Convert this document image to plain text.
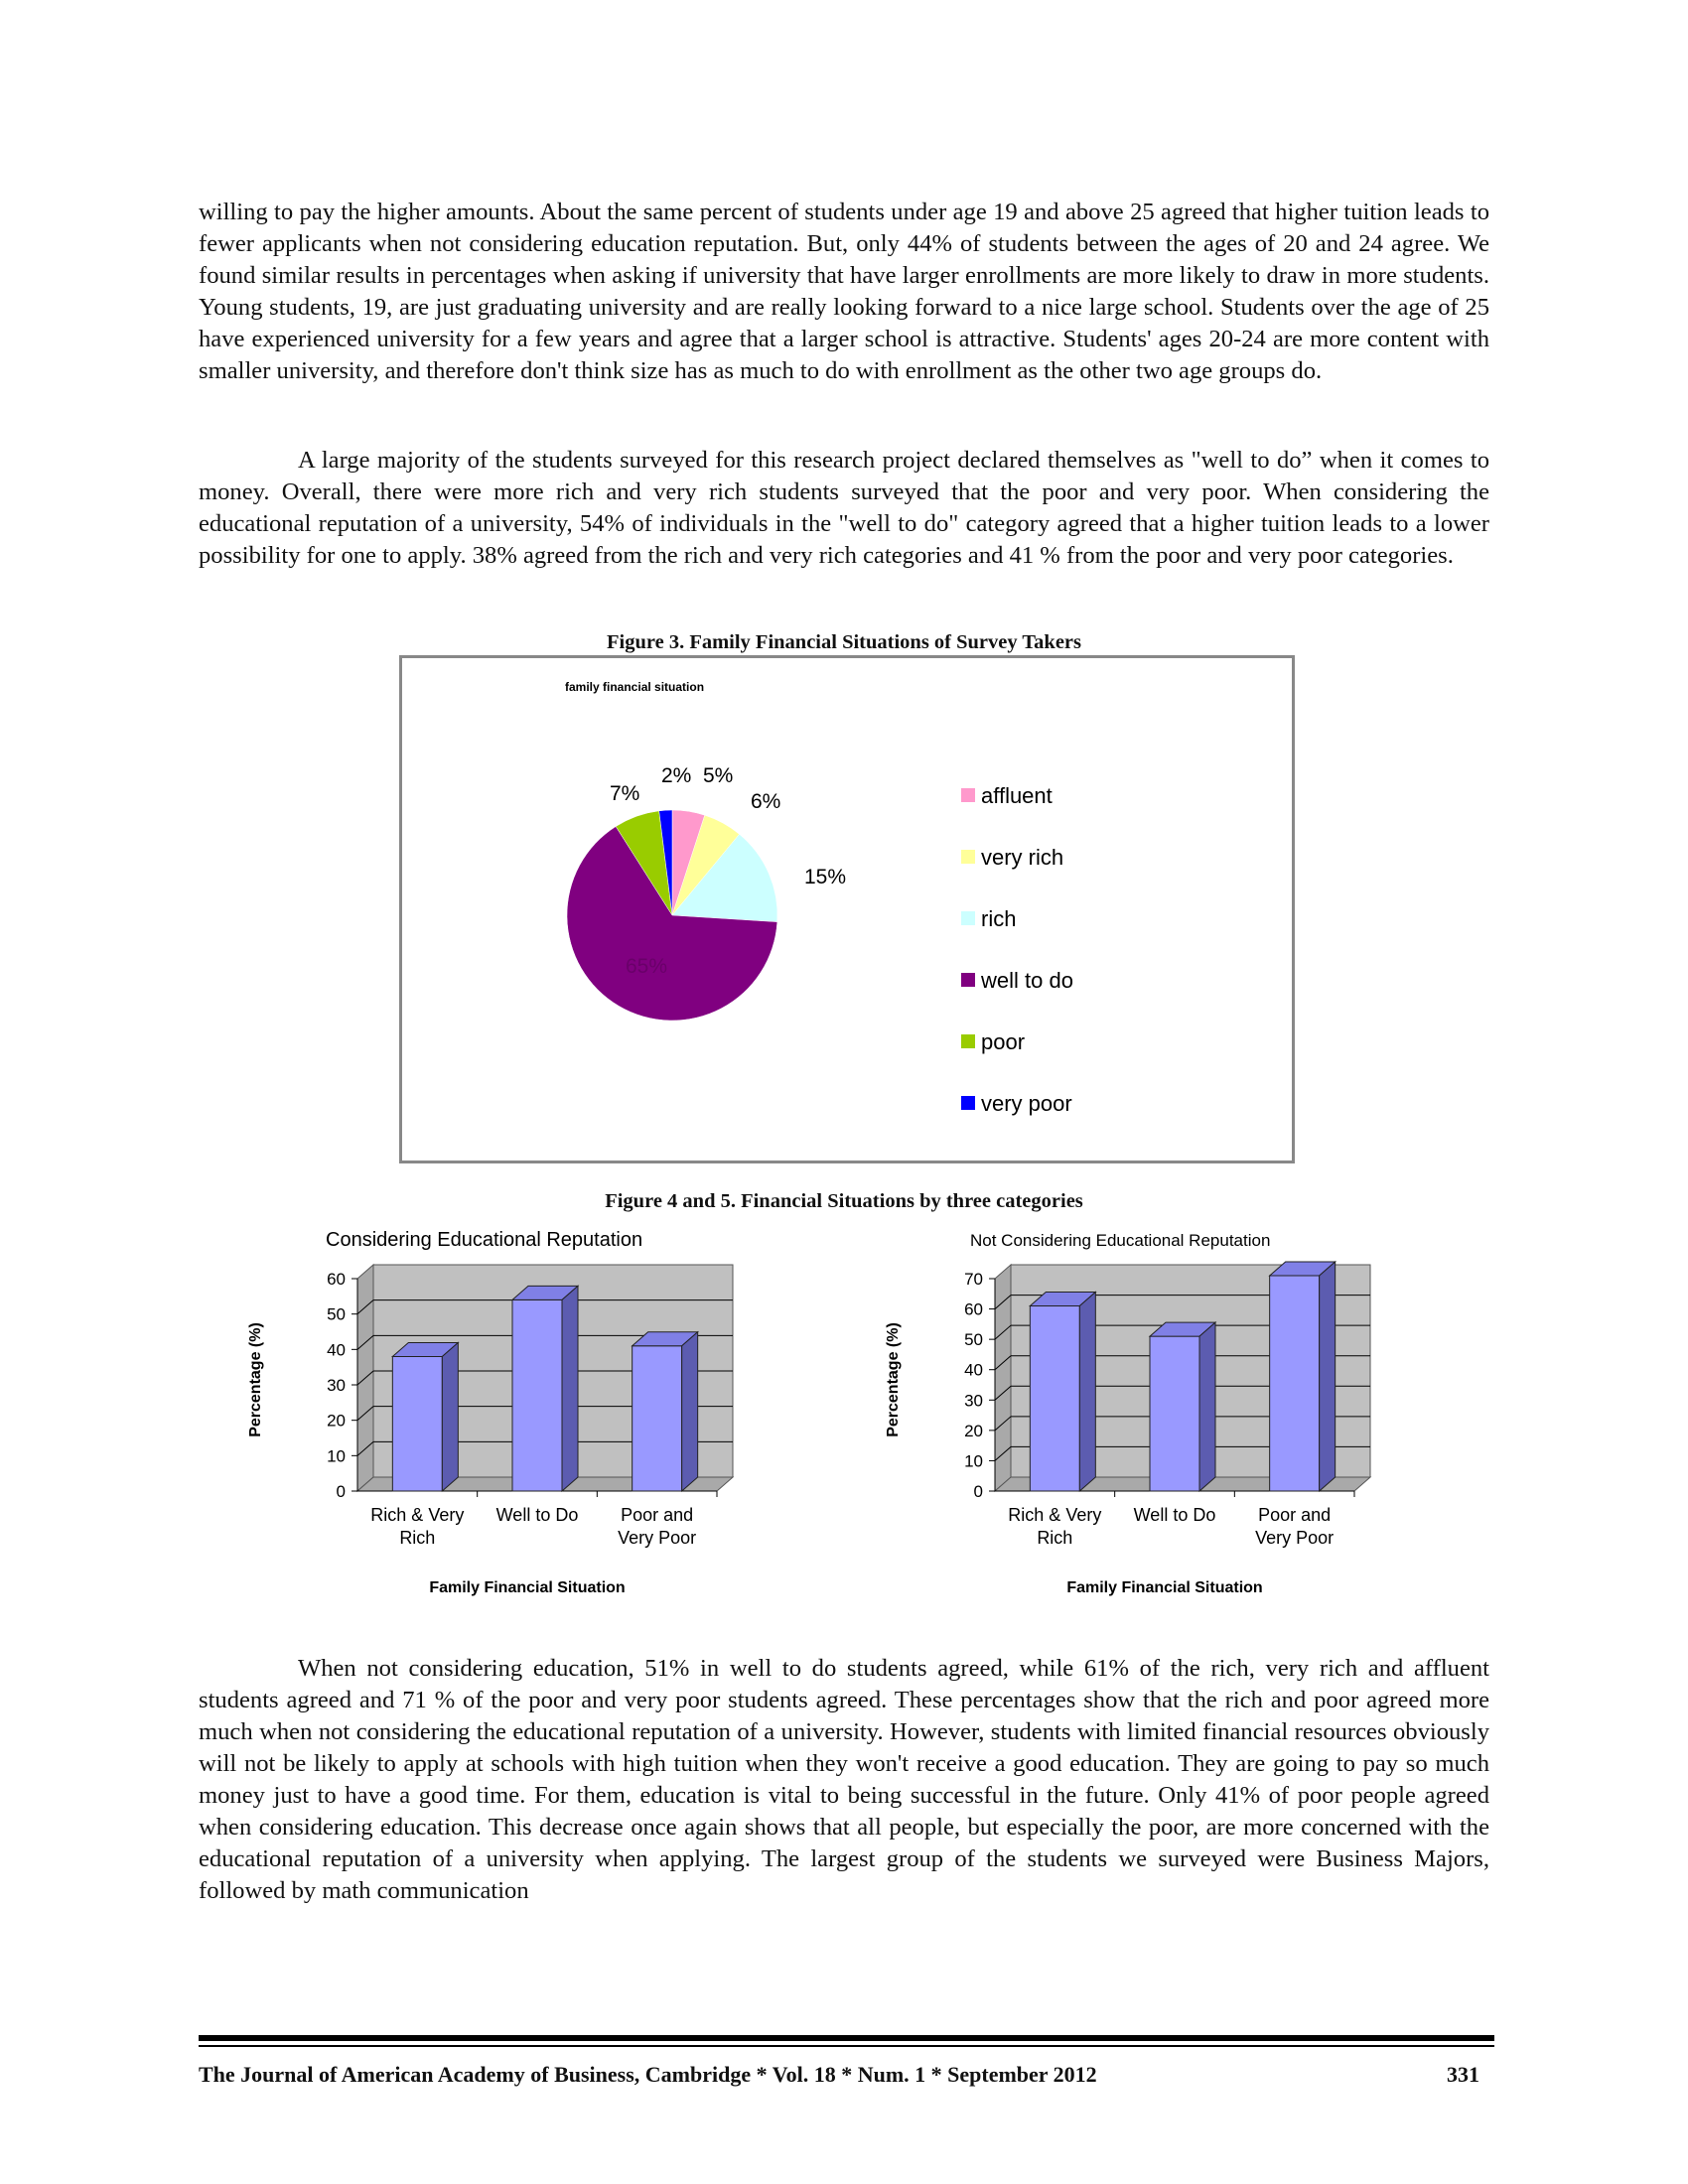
willing to pay the higher amounts. About the same percent of students under age 19 and above 25 agreed that higher tuition leads to fewer applicants when not considering education reputation. But, only 44% of students between the ages of 20 and 24 agree. We found similar results in percentages when asking if university that have larger enrollments are more likely to draw in more students. Young students, 19, are just graduating university and are really looking forward to a nice large school. Students over the age of 25 have experienced university for a few years and agree that a larger school is attractive. Students' ages 20-24 are more content with smaller university, and therefore don't think size has as much to do with enrollment as the other two age groups do.

A large majority of the students surveyed for this research project declared themselves as "well to do” when it comes to money. Overall, there were more rich and very rich students surveyed that the poor and very poor. When considering the educational reputation of a university, 54% of individuals in the "well to do" category agreed that a higher tuition leads to a lower possibility for one to apply. 38% agreed from the rich and very rich categories and 41 % from the poor and very poor categories.

Figure 3. Family Financial Situations of Survey Takers

family financial situation
5%
6%
15%
65%
7%
2%
affluent
very rich
rich
well to do
poor
very poor

Figure 4 and 5. Financial Situations by three categories

Considering Educational Reputation
0
10
20
30
40
50
60
Rich & Very Rich
Well to Do Poor and Very Poor
Family Financial Situation
Percentage (%)
Not Considering Educational Reputation
0
10
20
30
40
50
60
70
Rich & Very Rich
Well to Do Poor and Very Poor
Family Financial Situation
Percentage (%)

When not considering education, 51% in well to do students agreed, while 61% of the rich, very rich and affluent students agreed and 71 % of the poor and very poor students agreed. These percentages show that the rich and poor agreed more much when not considering the educational reputation of a university. However, students with limited financial resources obviously will not be likely to apply at schools with high tuition when they won't receive a good education. They are going to pay so much money just to have a good time. For them, education is vital to being successful in the future. Only 41% of poor people agreed when considering education. This decrease once again shows that all people, but especially the poor, are more concerned with the educational reputation of a university when applying. The largest group of the students we surveyed were Business Majors, followed by math communication

The Journal of American Academy of Business, Cambridge * Vol. 18 * Num. 1 * September 2012	331
